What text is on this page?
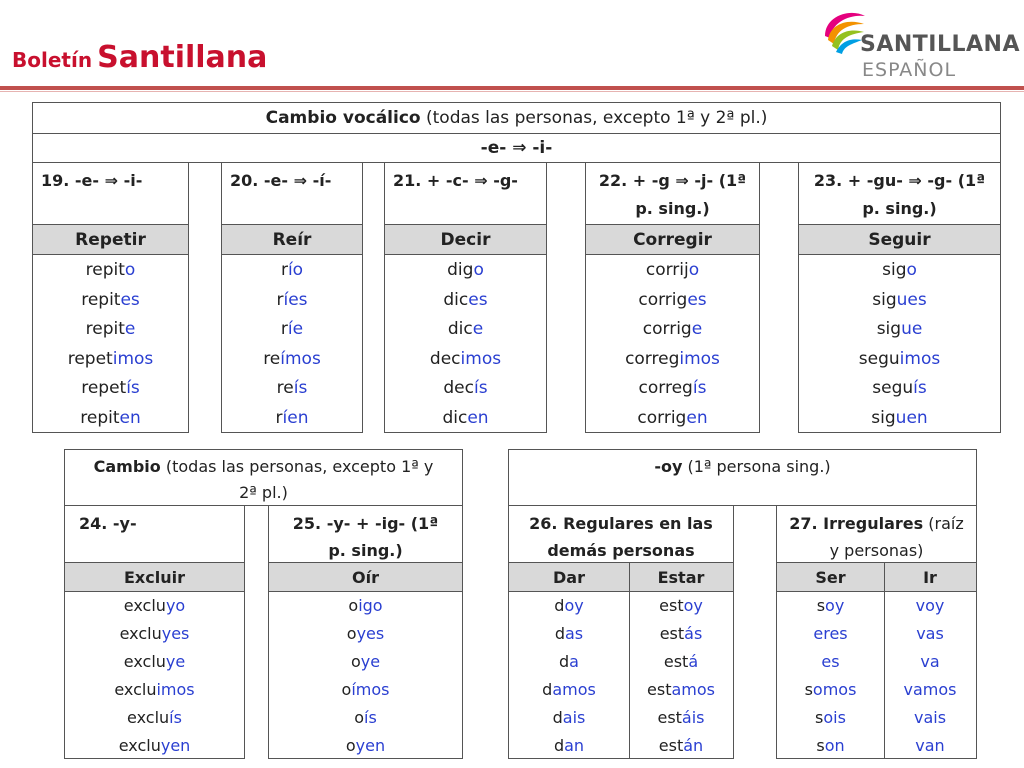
Boletín Santillana	SANTILLANA
ESPAÑOL
Cambio vocálico (todas las personas, excepto 1ª y 2ª pl.)
-e- ⇒ -i-
19. -e- ⇒ -i-
Repetir
repito
repites
repite
repetimos
repetís
repiten
20. -e- ⇒ -í-
Reír
río
ríes
ríe
reímos
reís
ríen
21. + -c- ⇒ -g-
Decir
digo
dices
dice
decimos
decís
dicen
22. + -g ⇒ -j- (1ª p. sing.)
Corregir
corrijo
corriges
corrige
corregimos
corregís
corrigen
23. + -gu- ⇒ -g- (1ª p. sing.)
Seguir
sigo
sigues
sigue
seguimos
seguís
siguen
Cambio (todas las personas, excepto 1ª y 2ª pl.)
24. -y-
Excluir
excluyo
excluyes
excluye
excluimos
excluís
excluyen
25. -y- + -ig- (1ª p. sing.)
Oír
oigo
oyes
oye
oímos
oís
oyen
-oy (1ª persona sing.)
26. Regulares en las demás personas
Dar
doy
das
da
damos
dais
dan
Estar
estoy
estás
está
estamos
estáis
están
27. Irregulares (raíz y personas)
Ser
soy
eres
es
somos
sois
son
Ir
voy
vas
va
vamos
vais
van
